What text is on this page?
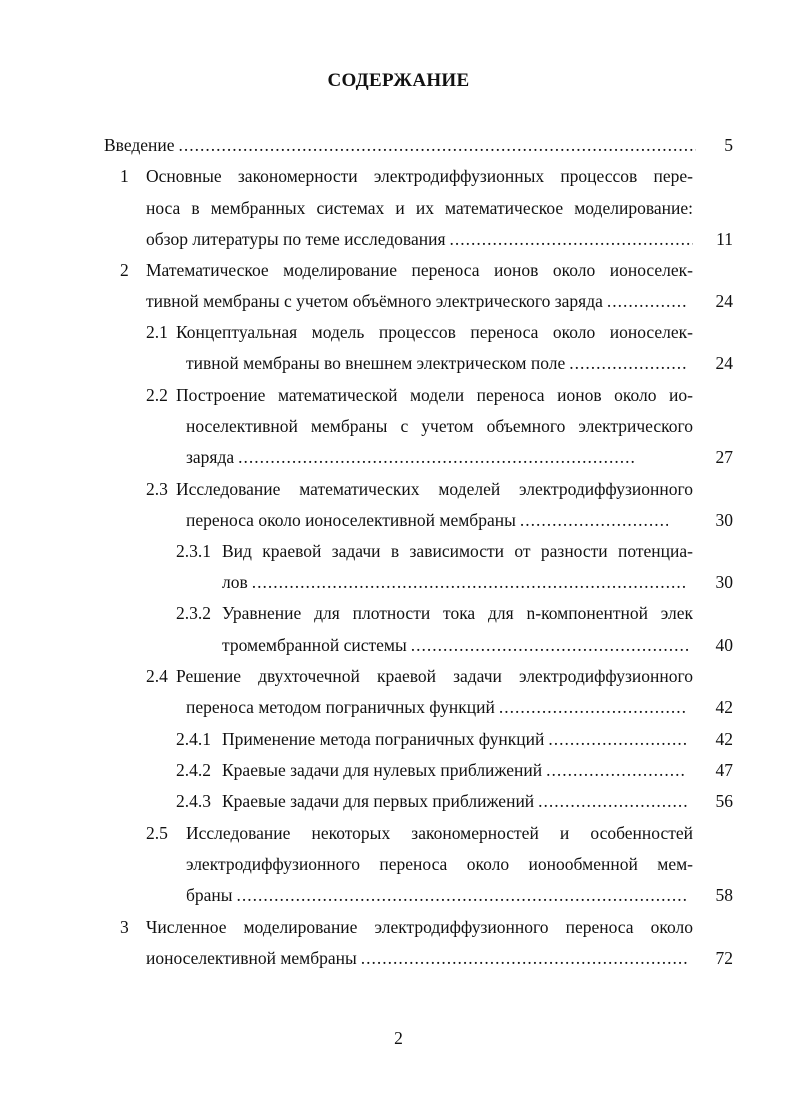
СОДЕРЖАНИЕ
Введение .....	5
1 Основные закономерности электродиффузионных процессов пере-
носа в мембранных системах и их математическое моделирование:
обзор литературы по теме исследования .....	11
2 Математическое моделирование переноса ионов около ионоселек-
тивной мембраны с учетом объёмного электрического заряда .....	24
2.1 Концептуальная модель процессов переноса около ионоселек-
тивной мембраны во внешнем электрическом поле .....	24
2.2 Построение математической модели переноса ионов около ио-
носелективной мембраны с учетом объемного электрического
заряда .....	27
2.3 Исследование математических моделей электродиффузионного
переноса около ионоселективной мембраны .....	30
2.3.1 Вид краевой задачи в зависимости от разности потенциа-
лов .....	30
2.3.2 Уравнение для плотности тока для n-компонентной элек
тромембранной системы .....	40
2.4 Решение двухточечной краевой задачи электродиффузионного
переноса методом пограничных функций .....	42
2.4.1 Применение метода пограничных функций .....	42
2.4.2 Краевые задачи для нулевых приближений .....	47
2.4.3 Краевые задачи для первых приближений .....	56
2.5 Исследование некоторых закономерностей и особенностей
электродиффузионного переноса около ионообменной мем-
браны .....	58
3 Численное моделирование электродиффузионного переноса около
ионоселективной мембраны .....	72
2
